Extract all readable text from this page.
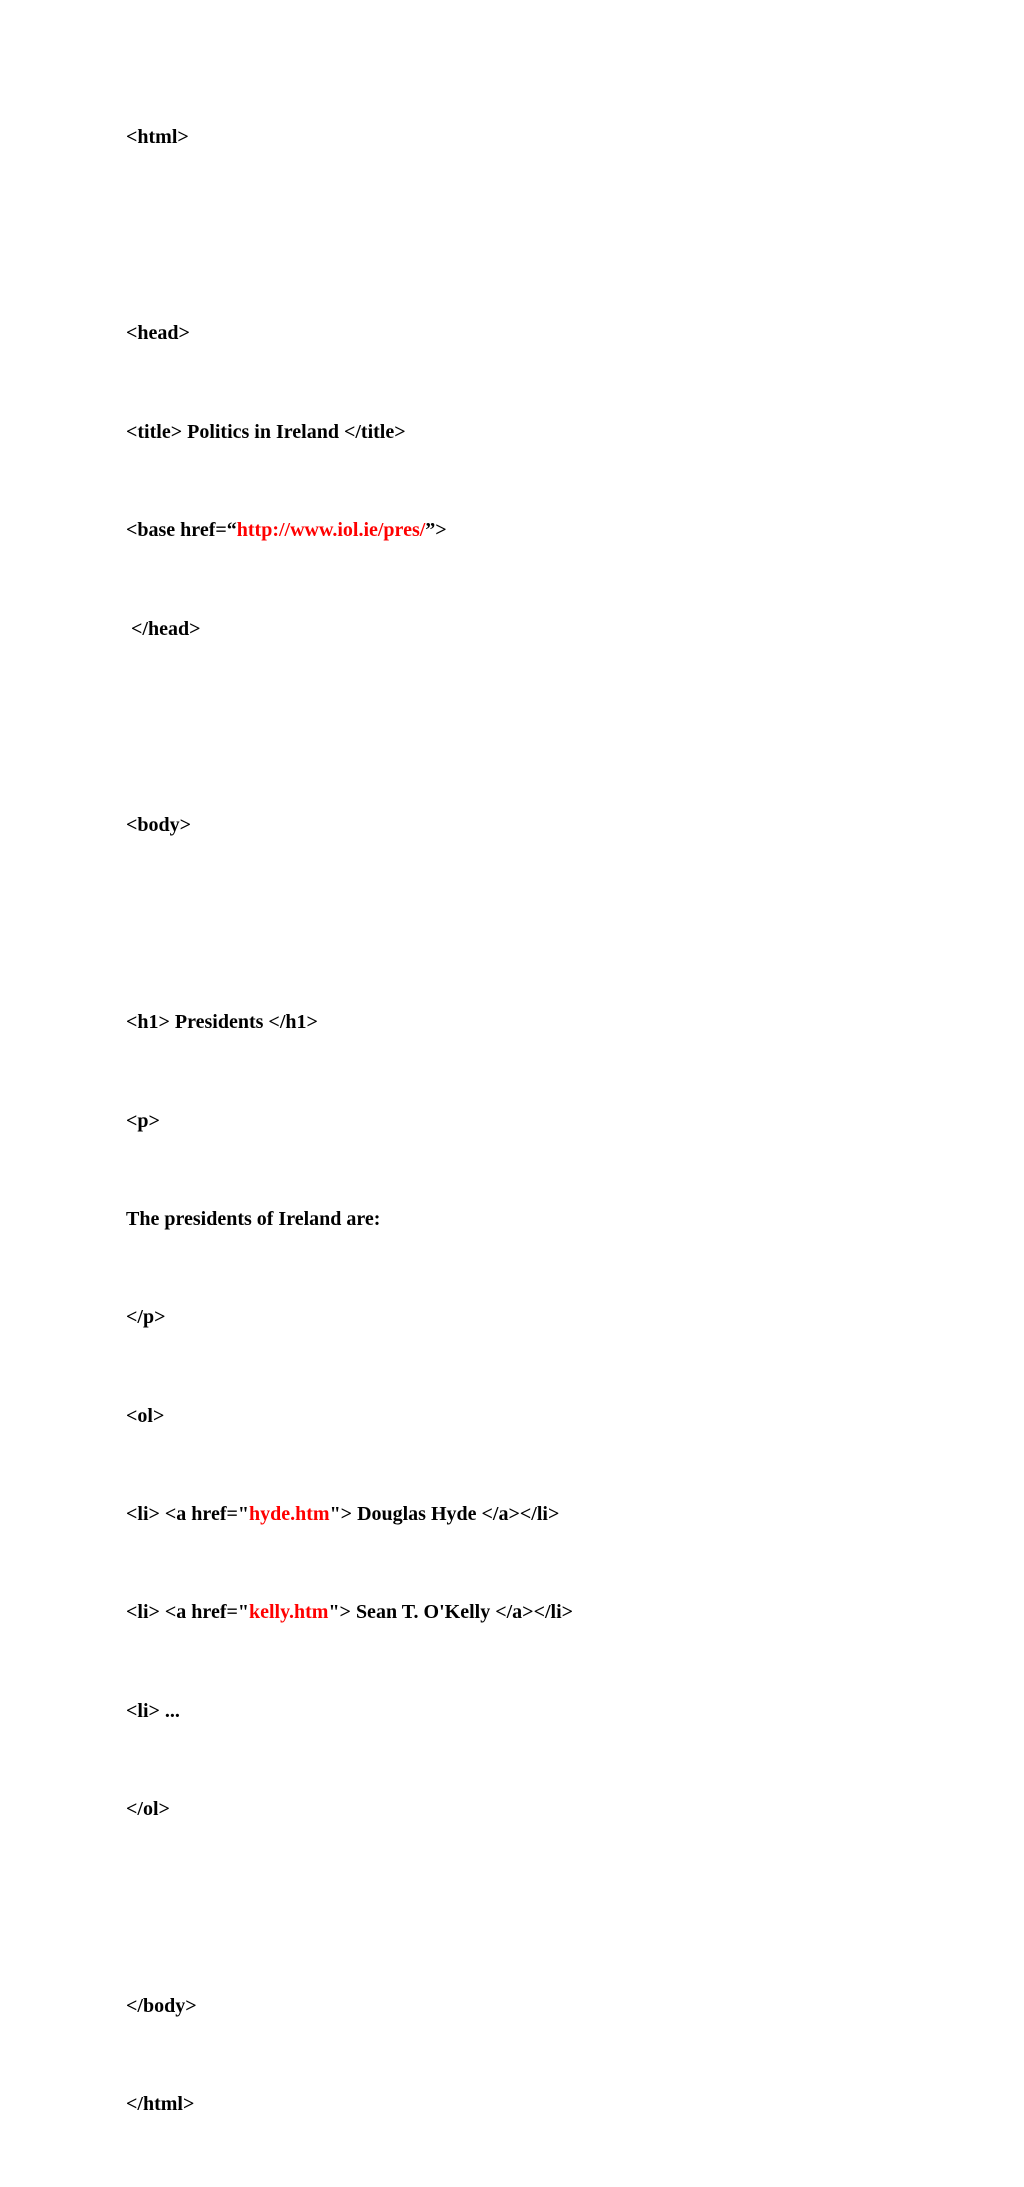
<html>

<head>

<title> Politics in Ireland </title>

<base href=“http://www.iol.ie/pres/”>

</head>

<body>

<h1> Presidents </h1>

<p>

The presidents of Ireland are:

</p>

<ol>

<li> <a href="hyde.htm"> Douglas Hyde </a></li>

<li> <a href="kelly.htm"> Sean T. O'Kelly </a></li>

<li> ...

</ol>

</body>

</html>
